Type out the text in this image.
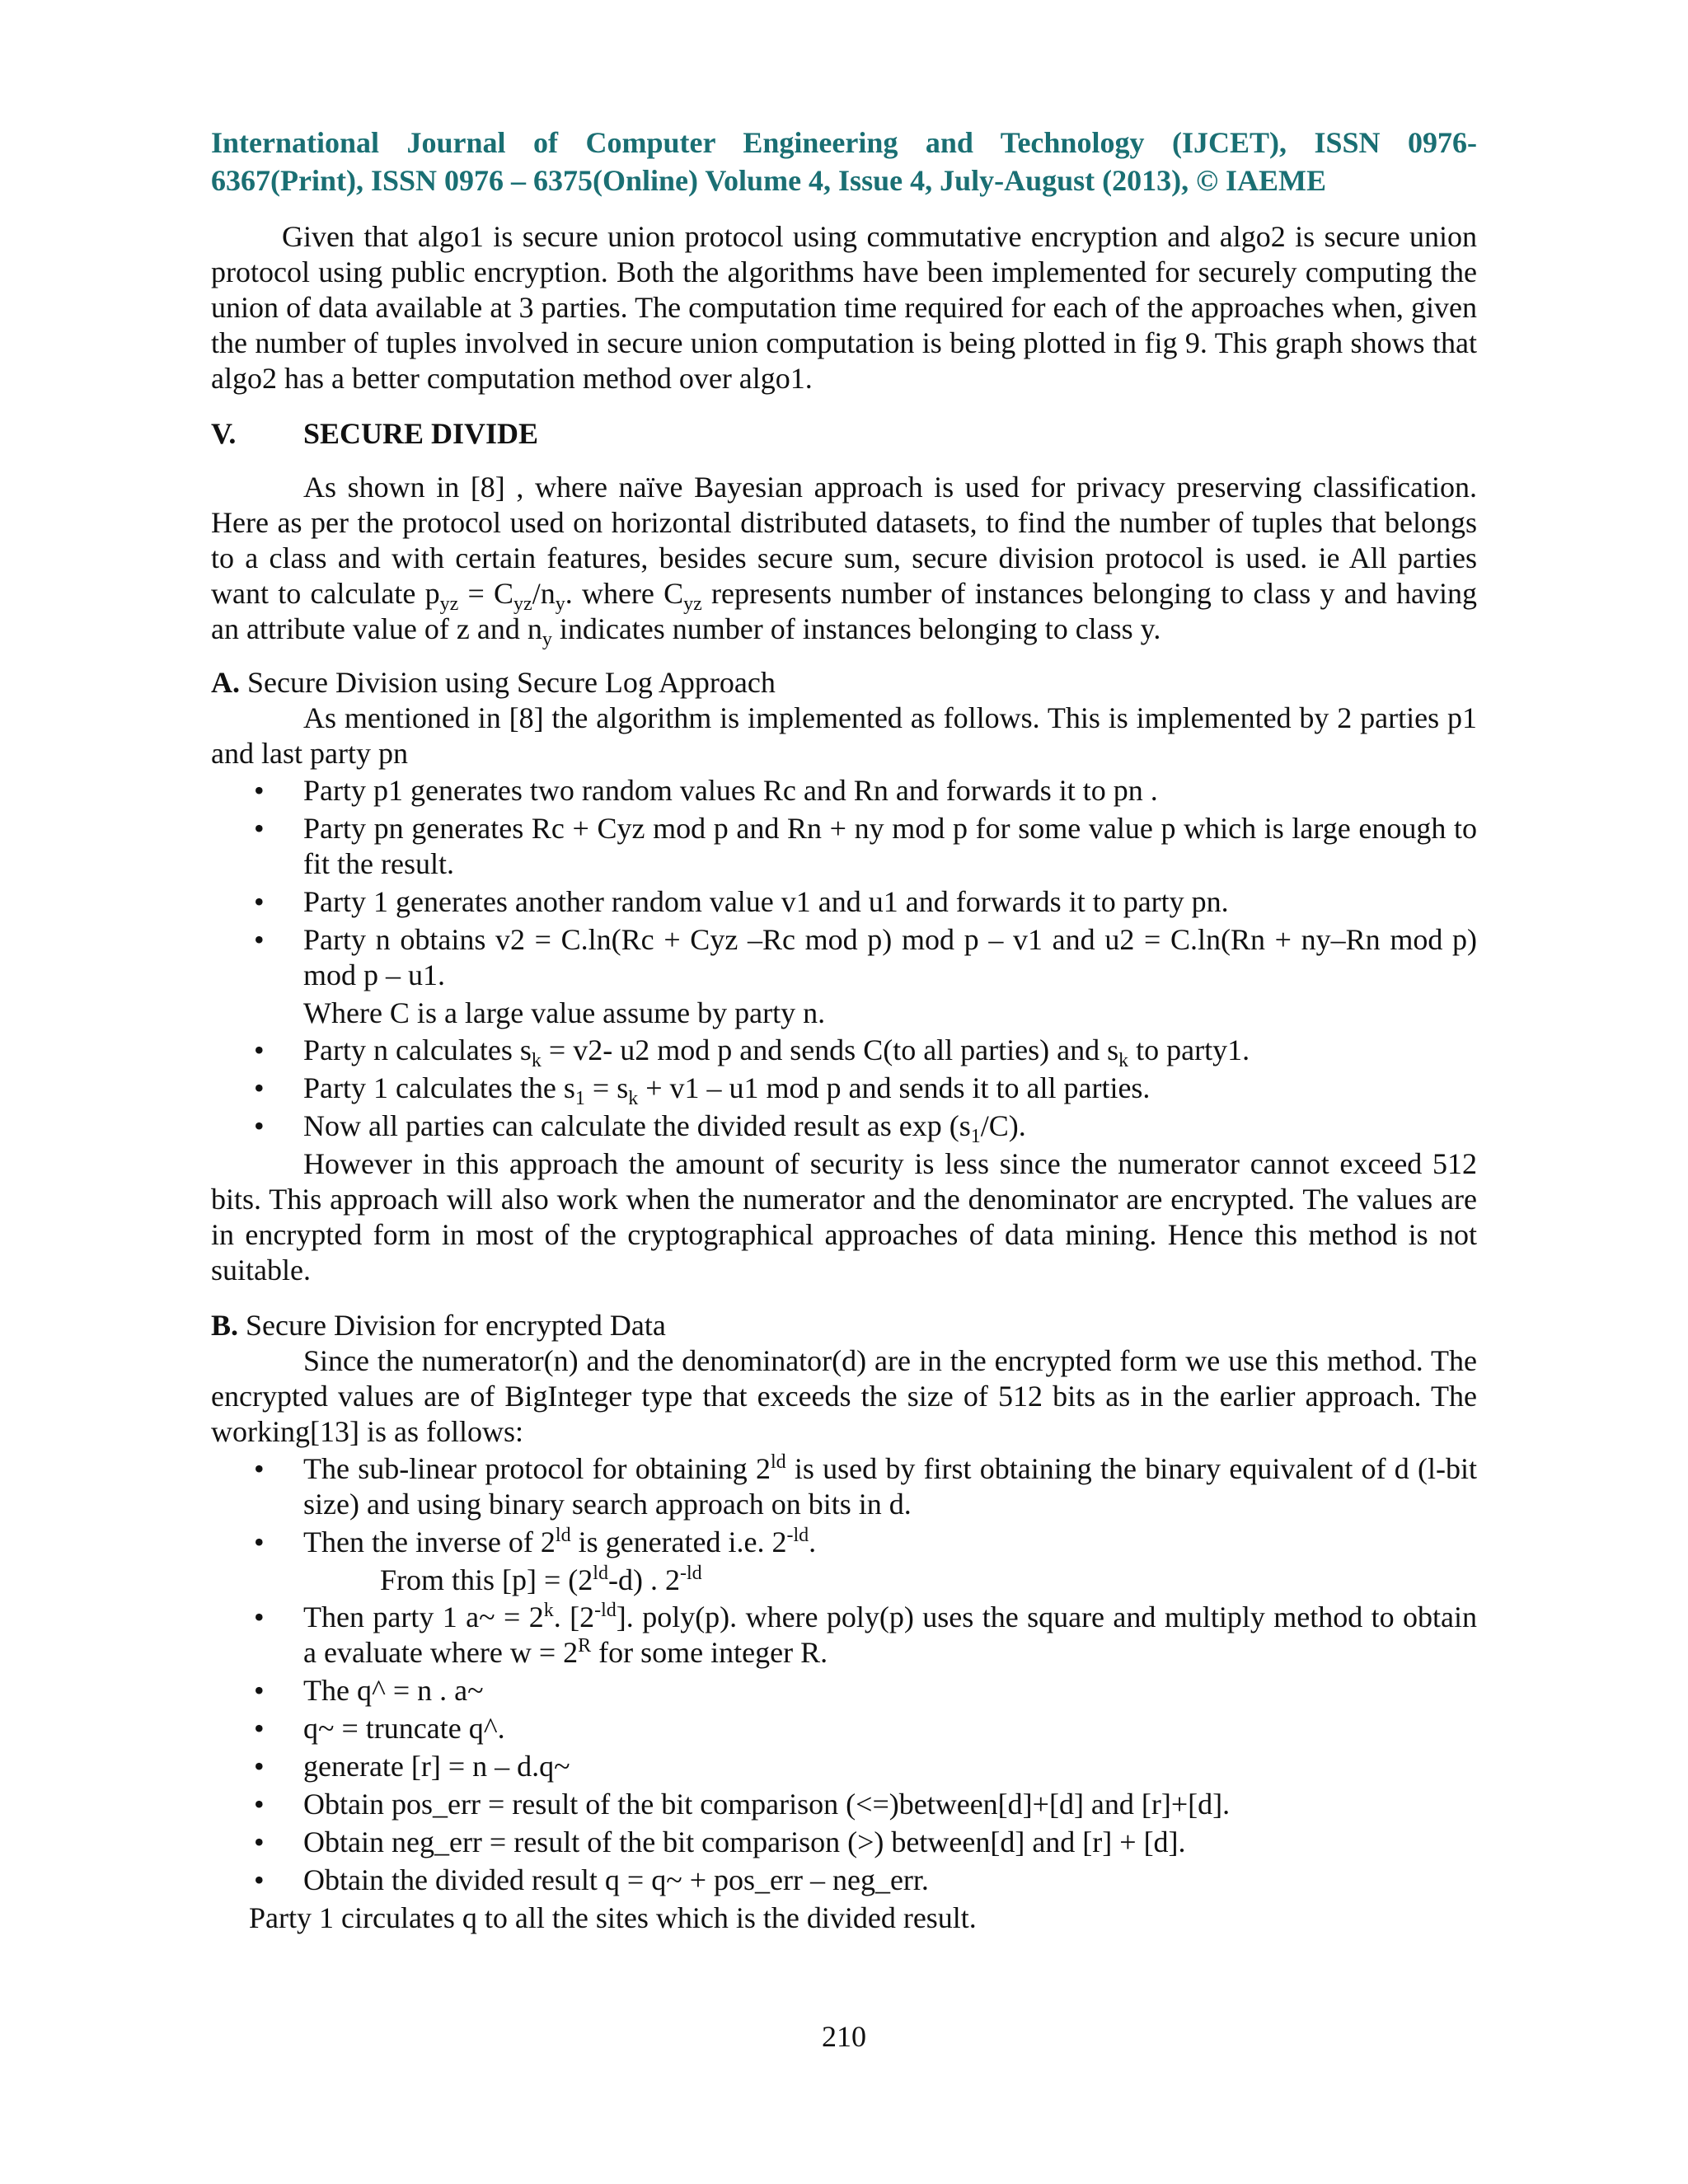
International Journal of Computer Engineering and Technology (IJCET), ISSN 0976-
6367(Print), ISSN 0976 – 6375(Online) Volume 4, Issue 4, July-August (2013), © IAEME

Given that algo1 is secure union protocol using commutative encryption and algo2 is secure union protocol using public encryption. Both the algorithms have been implemented for securely computing the union of data available at 3 parties. The computation time required for each of the approaches when, given the number of tuples involved in secure union computation is being plotted in fig 9. This graph shows that algo2 has a better computation method over algo1.

V.	SECURE DIVIDE

As shown in [8] , where naïve Bayesian approach is used for privacy preserving classification. Here as per the protocol used on horizontal distributed datasets, to find the number of tuples that belongs to a class and with certain features, besides secure sum, secure division protocol is used. ie All parties want to calculate $p_{yz} = C_{yz}/n_y$. where $C_{yz}$ represents number of instances belonging to class y and having an attribute value of z and $n_y$ indicates number of instances belonging to class y.

A. Secure Division using Secure Log Approach

As mentioned in [8] the algorithm is implemented as follows. This is implemented by 2 parties p1 and last party pn

• Party p1 generates two random values Rc and Rn and forwards it to pn .
• Party pn generates Rc + Cyz mod p and Rn + ny mod p for some value p which is large enough to fit the result.
• Party 1 generates another random value v1 and u1 and forwards it to party pn.
• Party n obtains v2 = C.ln(Rc + Cyz –Rc mod p) mod p – v1 and u2 = C.ln(Rn + ny–Rn mod p) mod p – u1.

Where C is a large value assume by party n.

• Party n calculates $s_k = v2-$ u2 mod p and sends C(to all parties) and $s_k$ to party1.
• Party 1 calculates the $s_1 = s_k + v1 - u1$ mod p and sends it to all parties.
• Now all parties can calculate the divided result as $\exp (s_1/C)$.

However in this approach the amount of security is less since the numerator cannot exceed 512 bits. This approach will also work when the numerator and the denominator are encrypted. The values are in encrypted form in most of the cryptographical approaches of data mining. Hence this method is not suitable.

B. Secure Division for encrypted Data

Since the numerator(n) and the denominator(d) are in the encrypted form we use this method. The encrypted values are of BigInteger type that exceeds the size of 512 bits as in the earlier approach. The working[13] is as follows:

• The sub-linear protocol for obtaining $2^{ld}$ is used by first obtaining the binary equivalent of d (l-bit size) and using binary search approach on bits in d.
• Then the inverse of $2^{ld}$ is generated i.e. $2^{-ld}$.

From this $[p] = (2^{ld}-d)$ . $2^{-ld}$

• Then party 1 a~ = $2^k$. $[2^{-ld}]$. poly(p). where poly(p) uses the square and multiply method to obtain a evaluate where $w = 2^R$ for some integer R.
• The q^ = n . a~
• q~ = truncate q^.
• generate [r] = n – d.q~
• Obtain pos_err = result of the bit comparison (<=)between[d]+[d] and [r]+[d].
• Obtain neg_err = result of the bit comparison (>) between[d] and [r] + [d].
• Obtain the divided result q = q~ + pos_err – neg_err.

Party 1 circulates q to all the sites which is the divided result.

210
